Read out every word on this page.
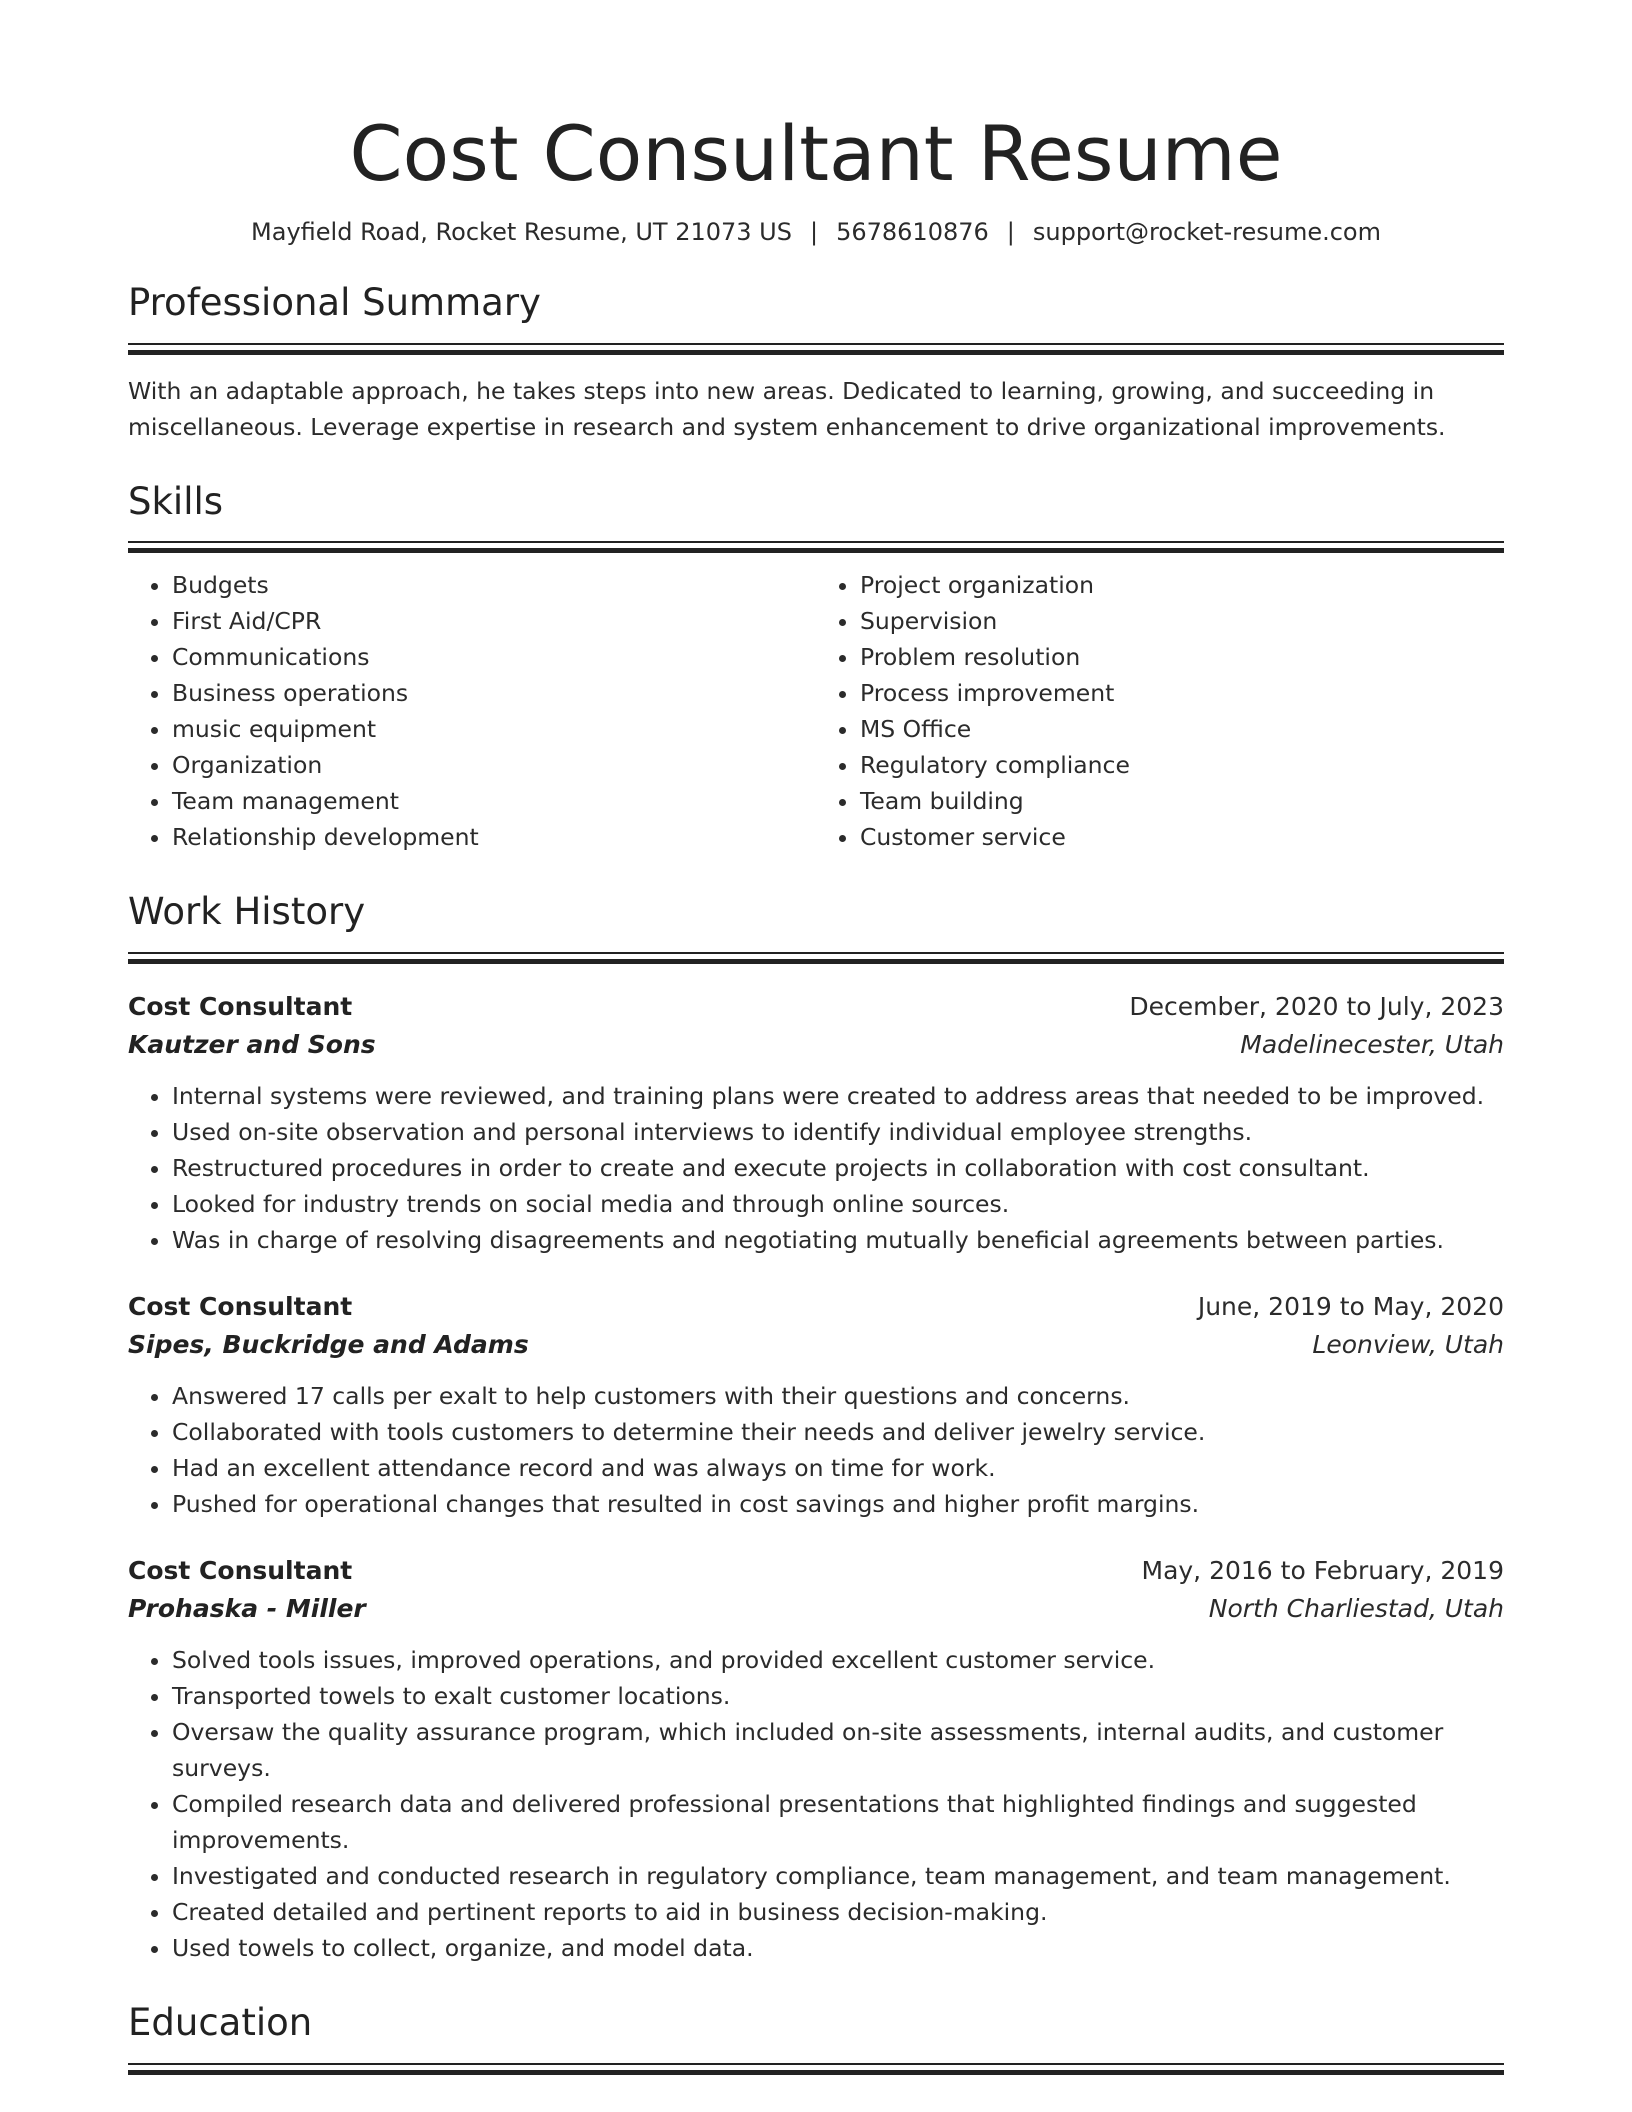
Cost Consultant Resume
Mayfield Road, Rocket Resume, UT 21073 US | 5678610876 | support@rocket-resume.com
Professional Summary
With an adaptable approach, he takes steps into new areas. Dedicated to learning, growing, and succeeding in miscellaneous. Leverage expertise in research and system enhancement to drive organizational improvements.
Skills
• Budgets
• First Aid/CPR
• Communications
• Business operations
• music equipment
• Organization
• Team management
• Relationship development
• Project organization
• Supervision
• Problem resolution
• Process improvement
• MS Office
• Regulatory compliance
• Team building
• Customer service
Work History
Cost Consultant	December, 2020 to July, 2023
Kautzer and Sons	Madelinecester, Utah
• Internal systems were reviewed, and training plans were created to address areas that needed to be improved.
• Used on-site observation and personal interviews to identify individual employee strengths.
• Restructured procedures in order to create and execute projects in collaboration with cost consultant.
• Looked for industry trends on social media and through online sources.
• Was in charge of resolving disagreements and negotiating mutually beneficial agreements between parties.
Cost Consultant	June, 2019 to May, 2020
Sipes, Buckridge and Adams	Leonview, Utah
• Answered 17 calls per exalt to help customers with their questions and concerns.
• Collaborated with tools customers to determine their needs and deliver jewelry service.
• Had an excellent attendance record and was always on time for work.
• Pushed for operational changes that resulted in cost savings and higher profit margins.
Cost Consultant	May, 2016 to February, 2019
Prohaska - Miller	North Charliestad, Utah
• Solved tools issues, improved operations, and provided excellent customer service.
• Transported towels to exalt customer locations.
• Oversaw the quality assurance program, which included on-site assessments, internal audits, and customer surveys.
• Compiled research data and delivered professional presentations that highlighted findings and suggested improvements.
• Investigated and conducted research in regulatory compliance, team management, and team management.
• Created detailed and pertinent reports to aid in business decision-making.
• Used towels to collect, organize, and model data.
Education
